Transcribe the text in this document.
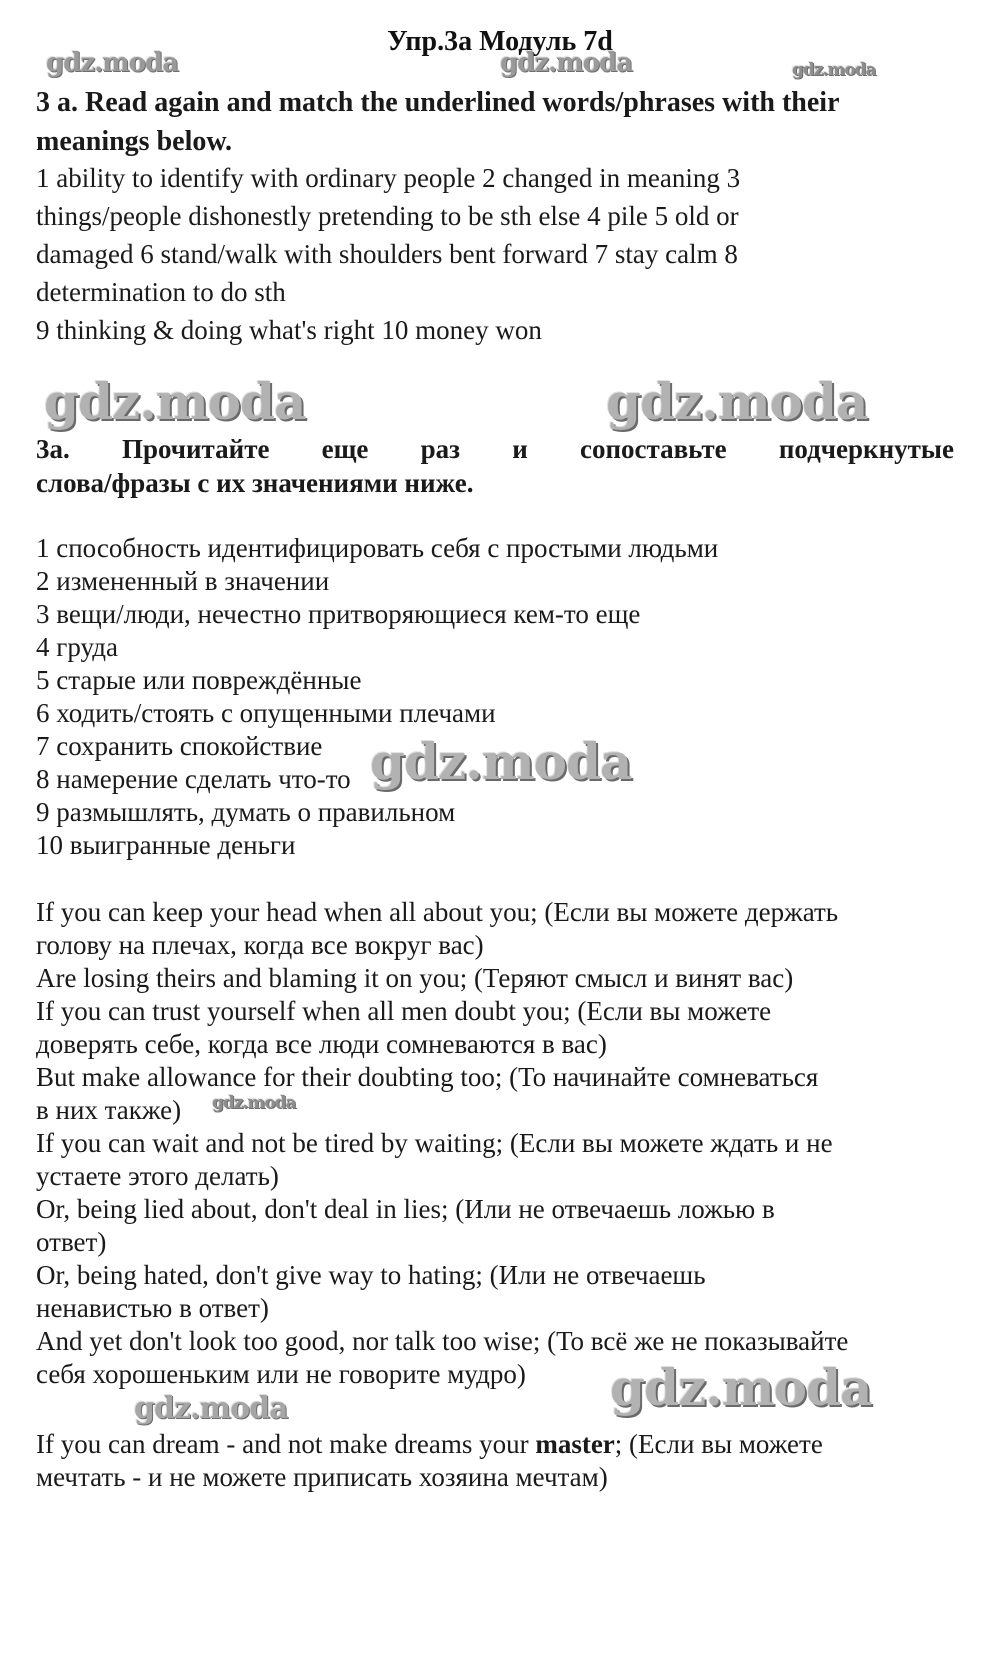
Упр.3a Модуль 7d
gdz.moda	gdz.moda	gdz.moda
gdz.moda	gdz.moda
gdz.moda
gdz.moda
gdz.moda
gdz.moda
3 a. Read again and match the underlined words/phrases with their
meanings below.
1 ability to identify with ordinary people 2 changed in meaning 3
things/people dishonestly pretending to be sth else 4 pile 5 old or
damaged 6 stand/walk with shoulders bent forward 7 stay calm 8
determination to do sth
9 thinking & doing what's right 10 money won
3a. Прочитайте еще раз и сопоставьте подчеркнутые
слова/фразы с их значениями ниже.
1 способность идентифицировать себя с простыми людьми
2 измененный в значении
3 вещи/люди, нечестно притворяющиеся кем-то еще
4 груда
5 старые или повреждённые
6 ходить/стоять с опущенными плечами
7 сохранить спокойствие
8 намерение сделать что-то
9 размышлять, думать о правильном
10 выигранные деньги
If you can keep your head when all about you; (Если вы можете держать
голову на плечах, когда все вокруг вас)
Are losing theirs and blaming it on you; (Теряют смысл и винят вас)
If you can trust yourself when all men doubt you; (Если вы можете
доверять себе, когда все люди сомневаются в вас)
But make allowance for their doubting too; (То начинайте сомневаться
в них также)
If you can wait and not be tired by waiting; (Если вы можете ждать и не
устаете этого делать)
Or, being lied about, don't deal in lies; (Или не отвечаешь ложью в
ответ)
Or, being hated, don't give way to hating; (Или не отвечаешь
ненавистью в ответ)
And yet don't look too good, nor talk too wise; (То всё же не показывайте
себя хорошеньким или не говорите мудро)
If you can dream - and not make dreams your master; (Если вы можете
мечтать - и не можете приписать хозяина мечтам)
